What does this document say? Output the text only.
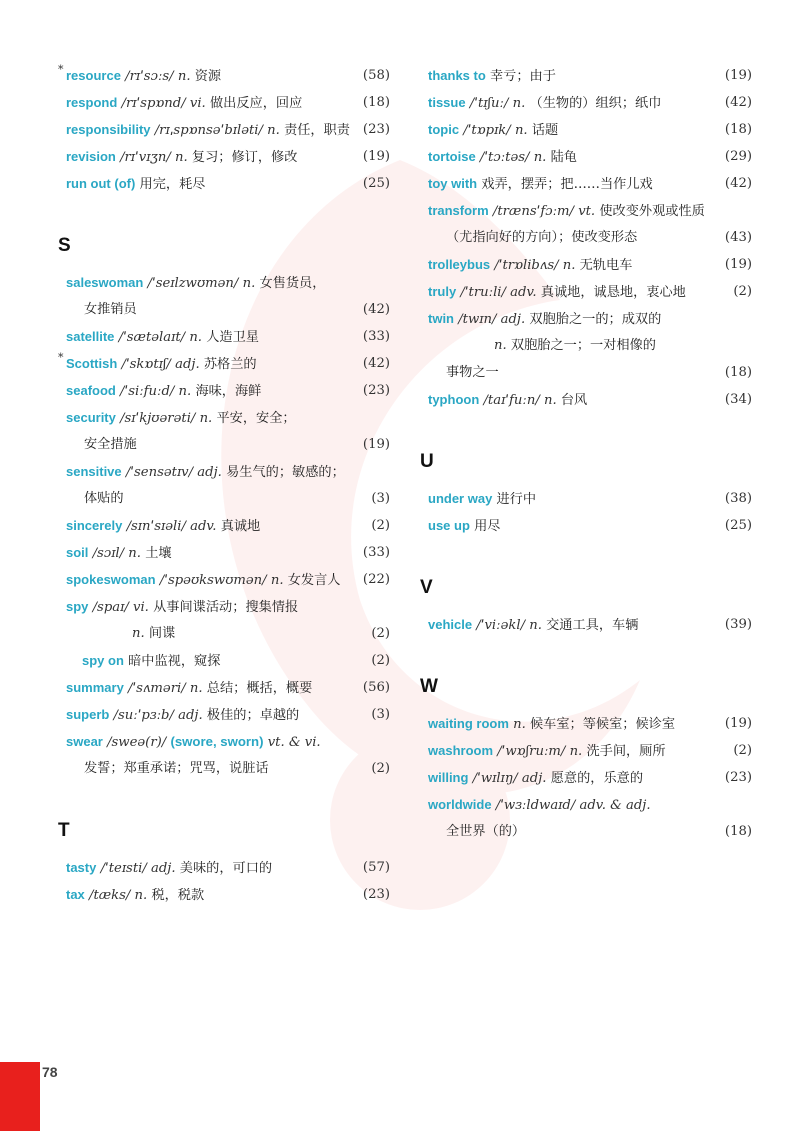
* resource /rɪˈsɔːs/ n. 资源	(58)
respond /rɪˈspɒnd/ vi. 做出反应，回应	(18)
responsibility /rɪˌspɒnsəˈbɪləti/ n. 责任，职责 (23)
revision /rɪˈvɪʒn/ n. 复习；修订，修改	(19)
run out (of) 用完，耗尽	(25)
S
saleswoman /ˈseɪlzwʊmən/ n. 女售货员，
女推销员	(42)
satellite /ˈsætəlaɪt/ n. 人造卫星	(33)
* Scottish /ˈskɒtɪʃ/ adj. 苏格兰的	(42)
seafood /ˈsiːfuːd/ n. 海味，海鲜	(23)
security /sɪˈkjʊərəti/ n. 平安，安全；
安全措施	(19)
sensitive /ˈsensətɪv/ adj. 易生气的；敏感的；
体贴的	(3)
sincerely /sɪnˈsɪəli/ adv. 真诚地	(2)
soil /sɔɪl/ n. 土壤	(33)
spokeswoman /ˈspəʊkswʊmən/ n. 女发言人 (22)
spy /spaɪ/ vi. 从事间谍活动；搜集情报
n. 间谍	(2)
spy on 暗中监视，窥探	(2)
summary /ˈsʌməri/ n. 总结；概括，概要	(56)
superb /suːˈpɜːb/ adj. 极佳的；卓越的	(3)
swear /sweə(r)/ (swore, sworn) vt. & vi.
发誓；郑重承诺；咒骂，说脏话	(2)
T
tasty /ˈteɪsti/ adj. 美味的，可口的	(57)
tax /tæks/ n. 税，税款	(23)
thanks to 幸亏；由于	(19)
tissue /ˈtɪʃuː/ n. （生物的）组织；纸巾	(42)
topic /ˈtɒpɪk/ n. 话题	(18)
tortoise /ˈtɔːtəs/ n. 陆龟	(29)
toy with 戏弄，摆弄；把……当作儿戏	(42)
transform /trænsˈfɔːm/ vt. 使改变外观或性质
（尤指向好的方向）；使改变形态	(43)
trolleybus /ˈtrɒlibʌs/ n. 无轨电车	(19)
truly /ˈtruːli/ adv. 真诚地，诚恳地，衷心地	(2)
twin /twɪn/ adj. 双胞胎之一的；成双的
n. 双胞胎之一；一对相像的
事物之一	(18)
typhoon /taɪˈfuːn/ n. 台风	(34)
U
under way 进行中	(38)
use up 用尽	(25)
V
vehicle /ˈviːəkl/ n. 交通工具，车辆	(39)
W
waiting room n. 候车室；等候室；候诊室	(19)
washroom /ˈwɒʃruːm/ n. 洗手间，厕所	(2)
willing /ˈwɪlɪŋ/ adj. 愿意的，乐意的	(23)
worldwide /ˈwɜːldwaɪd/ adv. & adj.
全世界（的）	(18)
78
